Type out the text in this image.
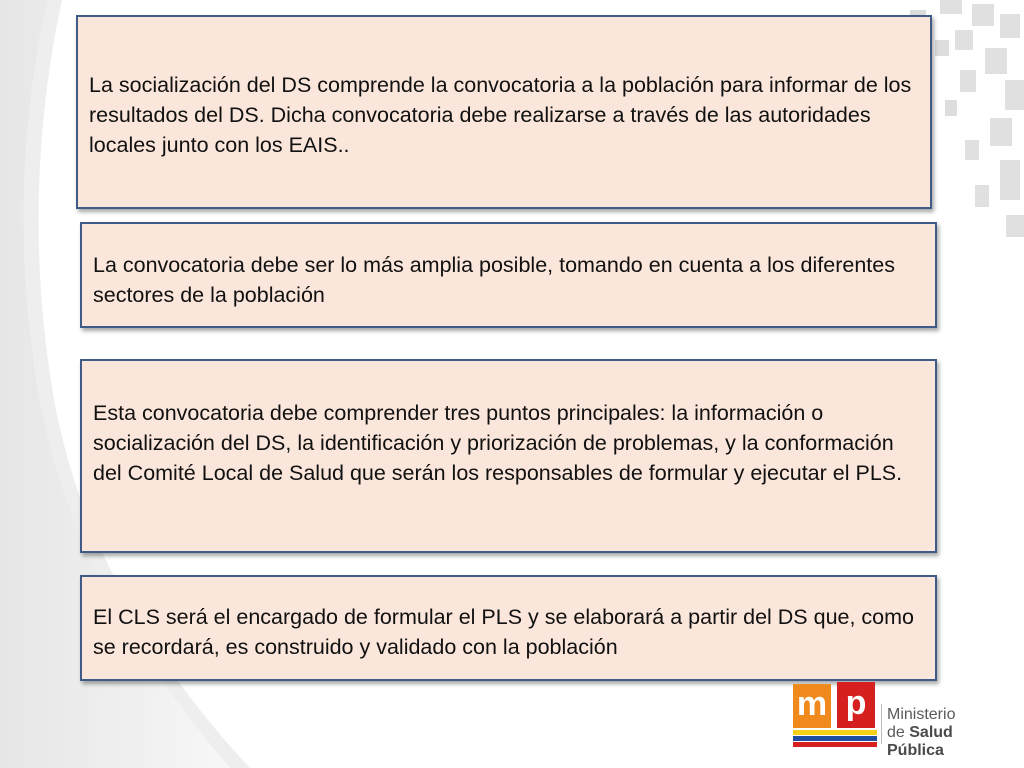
La socialización del DS comprende la convocatoria a la población para informar de los resultados del DS. Dicha convocatoria debe realizarse a través de las autoridades locales junto con los EAIS..
La convocatoria debe ser lo más amplia posible, tomando en cuenta a los diferentes sectores de la población
Esta convocatoria debe comprender tres puntos principales: la información o socialización del DS, la identificación y priorización de problemas, y la conformación del Comité Local de Salud que serán los responsables de formular y ejecutar el PLS.
El CLS será el encargado de formular el PLS y se elaborará a partir del DS que, como se recordará, es construido y validado con la población
m p	Ministerio
de Salud Pública
